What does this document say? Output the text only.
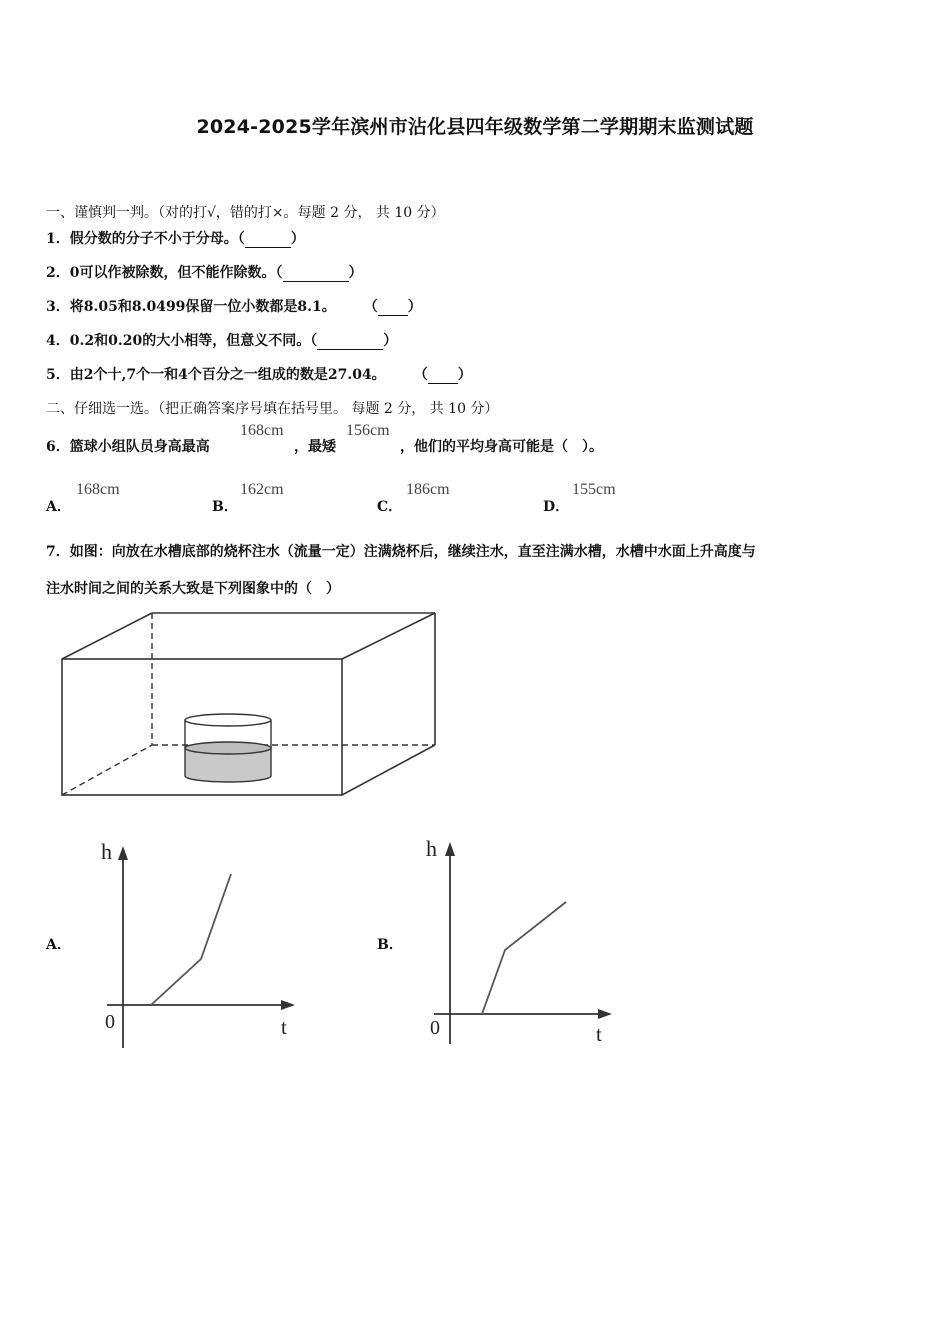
2024-2025学年滨州市沾化县四年级数学第二学期期末监测试题
一、谨慎判一判。（对的打√，错的打×。每题 2 分， 共 10 分）
1．假分数的分子不小于分母。（	）
2．0可以作被除数，但不能作除数。（	）
3．将8.05和8.0499保留一位小数都是8.1。 （ ）
4．0.2和0.20的大小相等，但意义不同。（	）
5．由2个十,7个一和4个百分之一组成的数是27.04。 （ ）
二、仔细选一选。（把正确答案序号填在括号里。 每题 2 分， 共 10 分）
6．篮球小组队员身高最高
168cm
，最矮
156cm
，他们的平均身高可能是（　）。
A．
168cm
B．
162cm
C．
186cm
D．
155cm
7．如图：向放在水槽底部的烧杯注水（流量一定）注满烧杯后，继续注水，直至注满水槽，水槽中水面上升高度与
注水时间之间的关系大致是下列图象中的（　）
A．
h
t
0
B．
h
t
0
